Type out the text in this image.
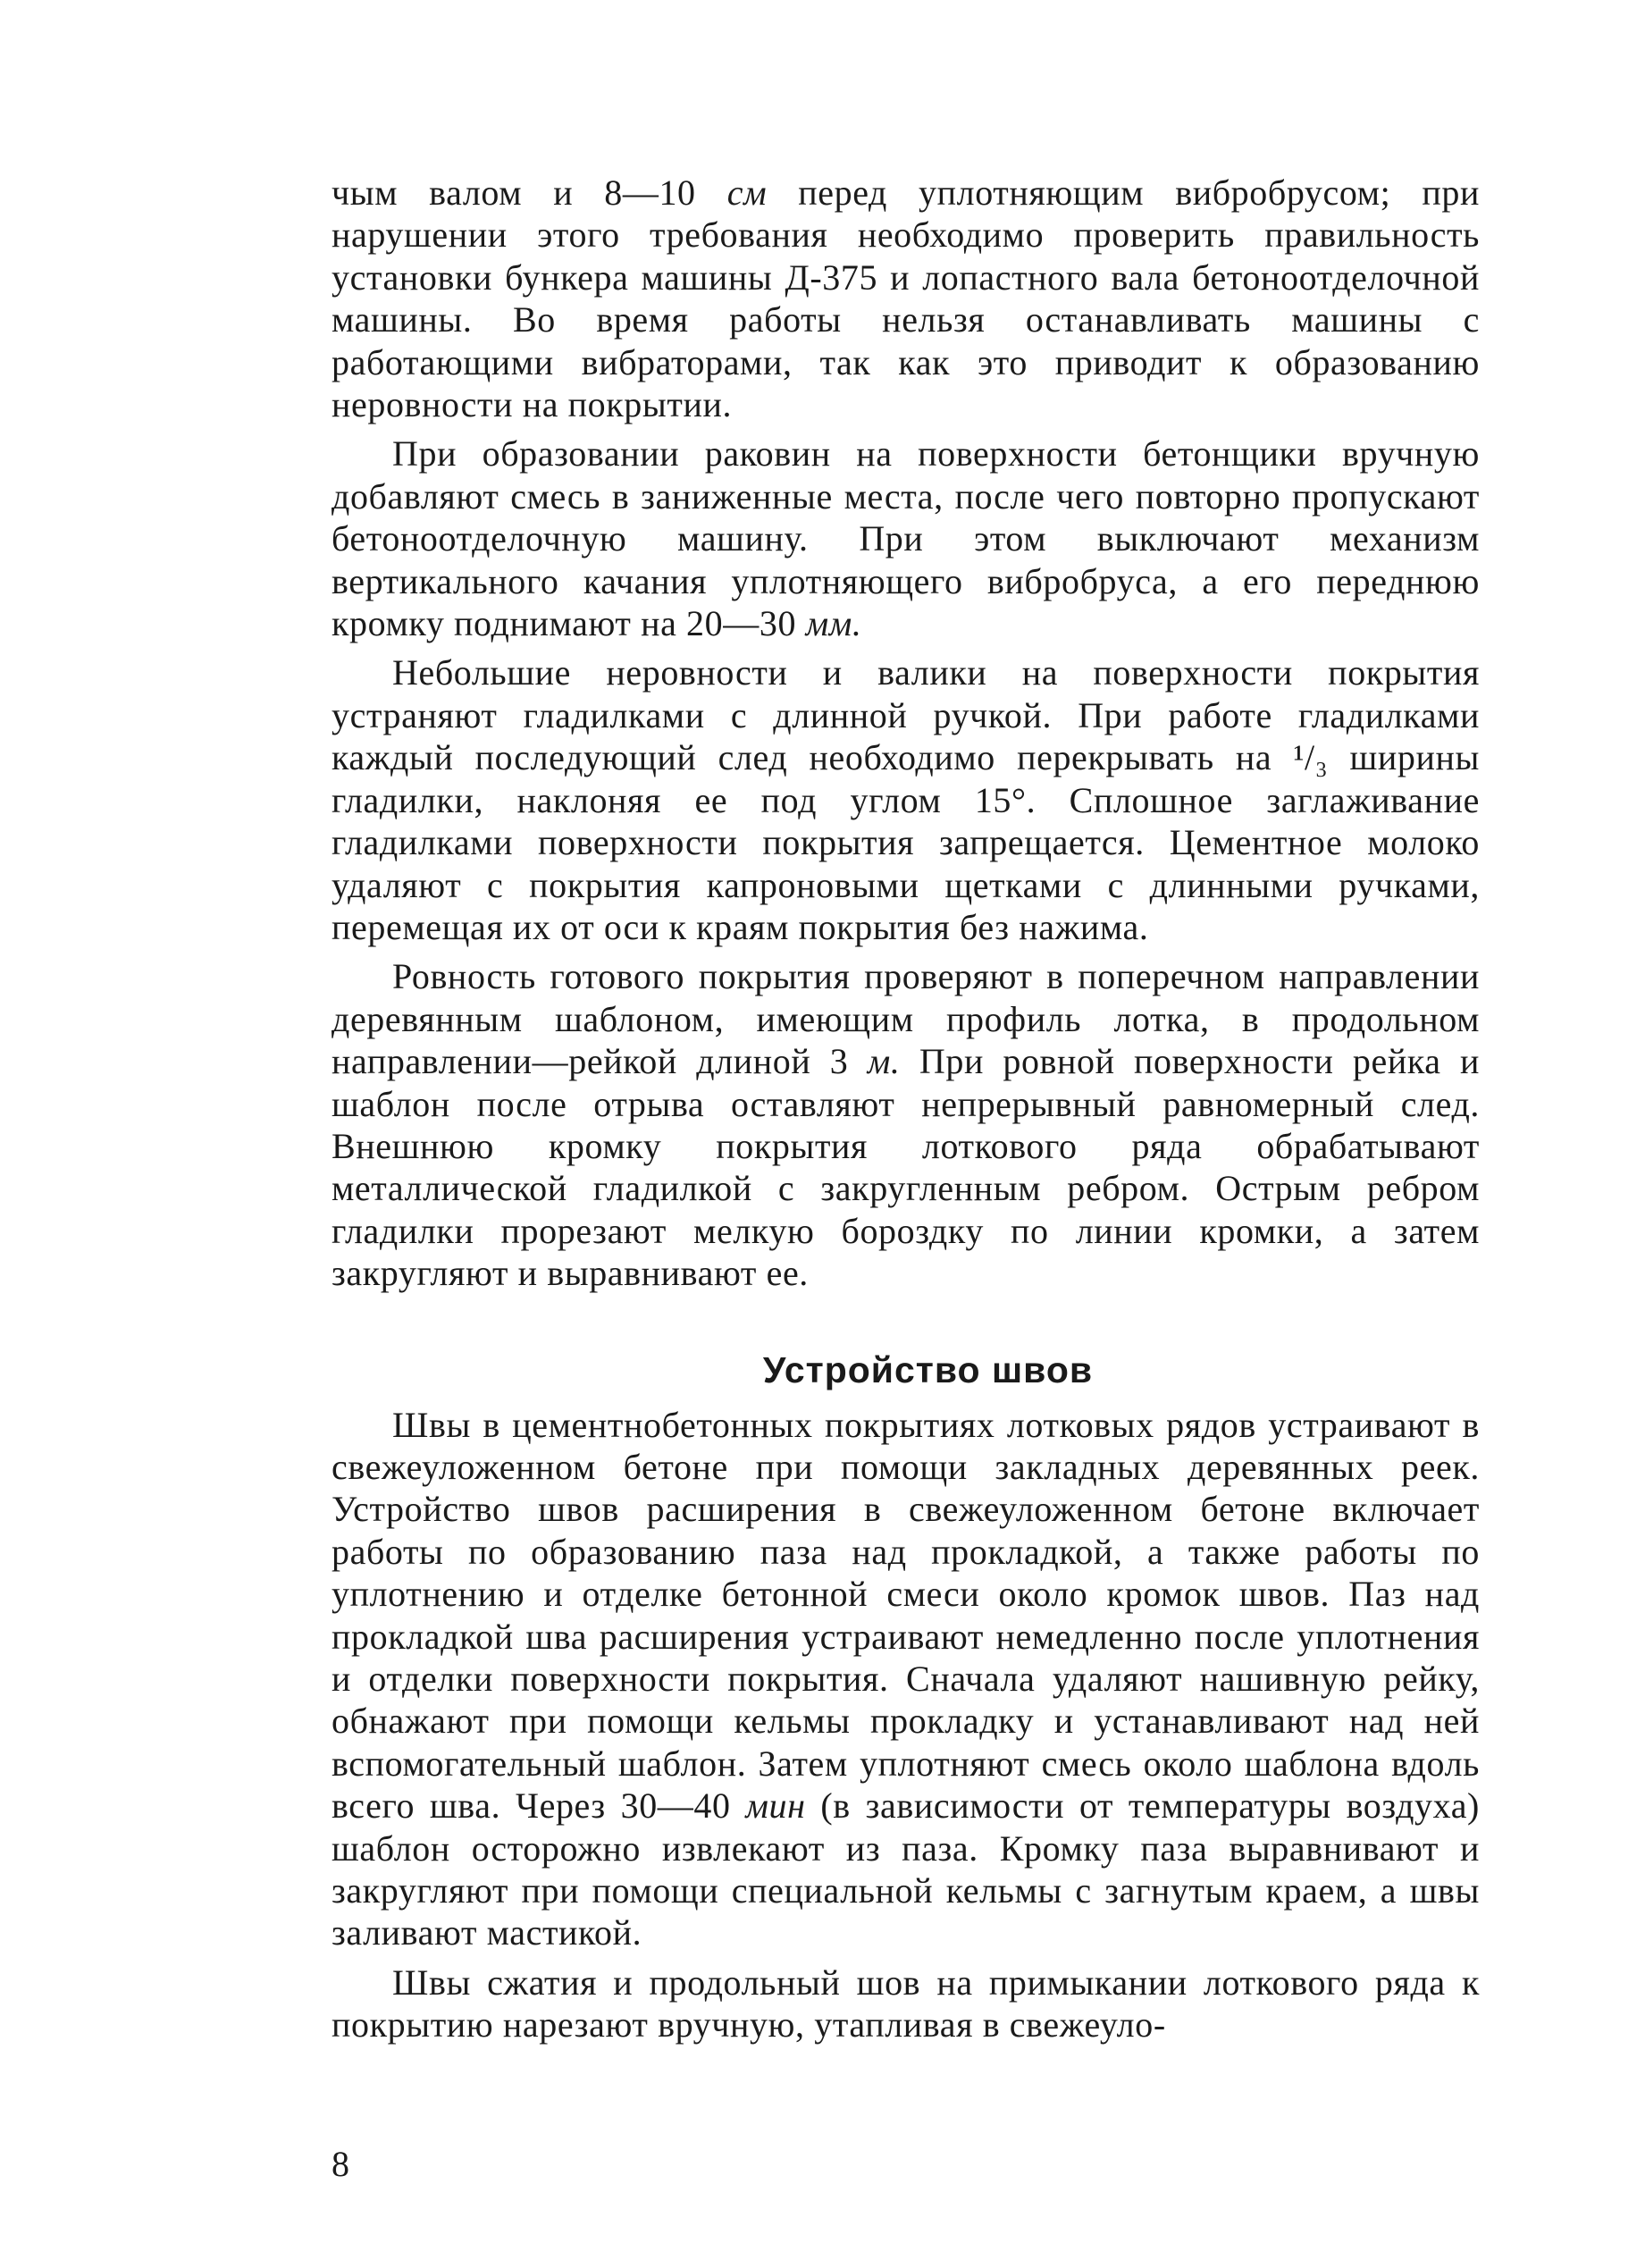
чым валом и 8—10 см перед уплотняющим вибробрусом; при нарушении этого требования необходимо проверить правильность установки бункера машины Д-375 и лопастного вала бетоноотделочной машины. Во время работы нельзя останавливать машины с работающими вибраторами, так как это приводит к образованию неровности на покрытии.

При образовании раковин на поверхности бетонщики вручную добавляют смесь в заниженные места, после чего повторно пропускают бетоноотделочную машину. При этом выключают механизм вертикального качания уплотняющего вибробруса, а его переднюю кромку поднимают на 20—30 мм.

Небольшие неровности и валики на поверхности покрытия устраняют гладилками с длинной ручкой. При работе гладилками каждый последующий след необходимо перекрывать на ¹/₃ ширины гладилки, наклоняя ее под углом 15°. Сплошное заглаживание гладилками поверхности покрытия запрещается. Цементное молоко удаляют с покрытия капроновыми щетками с длинными ручками, перемещая их от оси к краям покрытия без нажима.

Ровность готового покрытия проверяют в поперечном направлении деревянным шаблоном, имеющим профиль лотка, в продольном направлении—рейкой длиной 3 м. При ровной поверхности рейка и шаблон после отрыва оставляют непрерывный равномерный след. Внешнюю кромку покрытия лоткового ряда обрабатывают металлической гладилкой с закругленным ребром. Острым ребром гладилки прорезают мелкую бороздку по линии кромки, а затем закругляют и выравнивают ее.

Устройство швов

Швы в цементнобетонных покрытиях лотковых рядов устраивают в свежеуложенном бетоне при помощи закладных деревянных реек. Устройство швов расширения в свежеуложенном бетоне включает работы по образованию паза над прокладкой, а также работы по уплотнению и отделке бетонной смеси около кромок швов. Паз над прокладкой шва расширения устраивают немедленно после уплотнения и отделки поверхности покрытия. Сначала удаляют нашивную рейку, обнажают при помощи кельмы прокладку и устанавливают над ней вспомогательный шаблон. Затем уплотняют смесь около шаблона вдоль всего шва. Через 30—40 мин (в зависимости от температуры воздуха) шаблон осторожно извлекают из паза. Кромку паза выравнивают и закругляют при помощи специальной кельмы с загнутым краем, а швы заливают мастикой.

Швы сжатия и продольный шов на примыкании лоткового ряда к покрытию нарезают вручную, утапливая в свежеуло-

8
